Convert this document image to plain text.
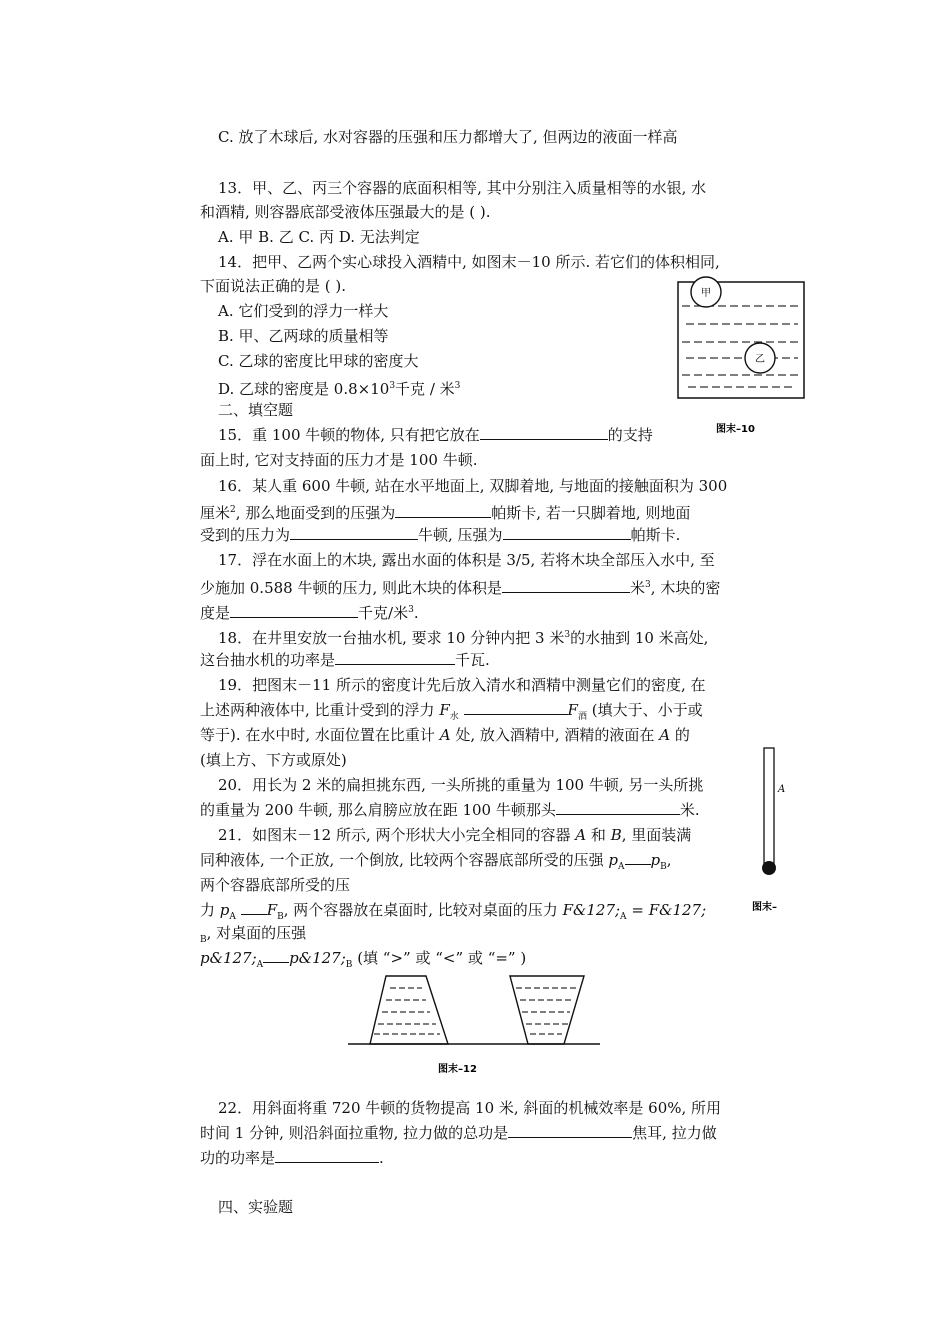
C. 放了木球后, 水对容器的压强和压力都增大了, 但两边的液面一样高
13．甲、乙、丙三个容器的底面积相等, 其中分别注入质量相等的水银, 水
和酒精, 则容器底部受液体压强最大的是 ( ).
A. 甲 B. 乙 C. 丙 D. 无法判定
14．把甲、乙两个实心球投入酒精中, 如图末－10 所示. 若它们的体积相同,
下面说法正确的是 ( ).
A. 它们受到的浮力一样大
B. 甲、乙两球的质量相等
C. 乙球的密度比甲球的密度大
D. 乙球的密度是 $0.8\times 10^3$千克 / 米$^3$
二、填空题
15．重 100 牛顿的物体, 只有把它放在	的支持
面上时, 它对支持面的压力才是 100 牛顿.
16．某人重 600 牛顿, 站在水平地面上, 双脚着地, 与地面的接触面积为 300
厘米$^2$, 那么地面受到的压强为	帕斯卡, 若一只脚着地, 则地面
受到的压力为	牛顿, 压强为	帕斯卡.
17．浮在水面上的木块, 露出水面的体积是 3/5, 若将木块全部压入水中, 至
少施加 0.588 牛顿的压力, 则此木块的体积是	米$^3$, 木块的密
度是	千克/米$^3$.
18．在井里安放一台抽水机, 要求 10 分钟内把 3 米$^3$的水抽到 10 米高处,
这台抽水机的功率是	千瓦.
19．把图末－11 所示的密度计先后放入清水和酒精中测量它们的密度, 在
上述两种液体中, 比重计受到的浮力 $F_水$	$F_酒$ (填大于、小于或
等于). 在水中时, 水面位置在比重计 A 处, 放入酒精中, 酒精的液面在 A 的
(填上方、下方或原处)
20．用长为 2 米的扁担挑东西, 一头所挑的重量为 100 牛顿, 另一头所挑
的重量为 200 牛顿, 那么肩膀应放在距 100 牛顿那头	米.
21．如图末－12 所示, 两个形状大小完全相同的容器 A 和 B, 里面装满
同种液体, 一个正放, 一个倒放, 比较两个容器底部所受的压强 $p_A$ $p_B$,
两个容器底部所受的压
力 $p_A$ $F_B$, 两个容器放在桌面时, 比较对桌面的压力 $F\&127;_A$ = F&127;
$_B$, 对桌面的压强
$p\&127;_A$ $p\&127;_B$ (填 “>” 或 “<” 或 “=” )
22．用斜面将重 720 牛顿的货物提高 10 米, 斜面的机械效率是 60%, 所用
时间 1 分钟, 则沿斜面拉重物, 拉力做的总功是	焦耳, 拉力做
功的功率是	.
四、实验题
甲
乙
图末–10
A
图末–
图末–12
